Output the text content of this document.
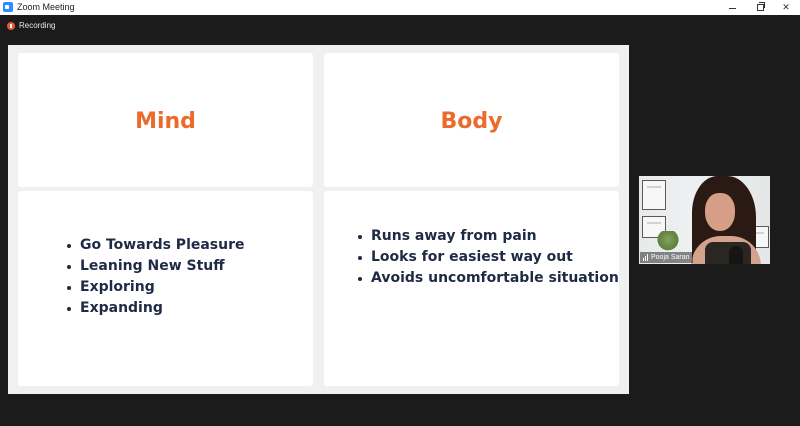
Zoom Meeting	✕
Recording
Mind	Body
Go Towards Pleasure
Leaning New Stuff
Exploring
Expanding
Runs away from pain
Looks for easiest way out
Avoids uncomfortable situation
Pooja Saran
